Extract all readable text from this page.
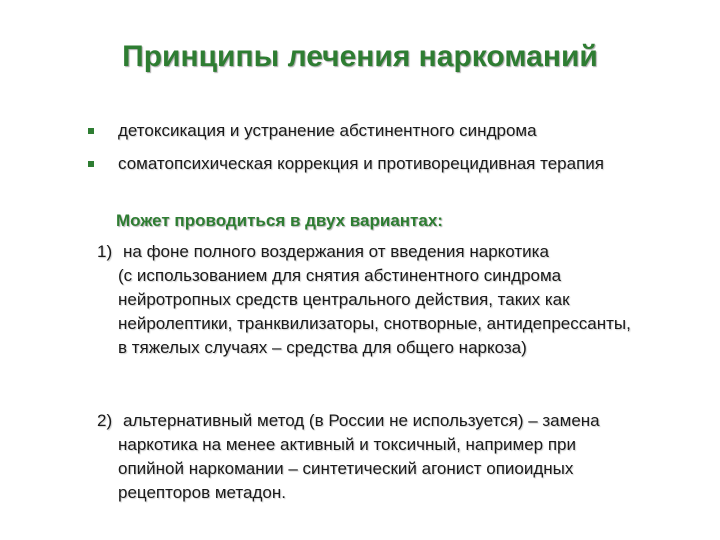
Принципы лечения наркоманий
детоксикация и устранение абстинентного синдрома
соматопсихическая коррекция и противорецидивная терапия
Может проводиться в двух вариантах:
1) на фоне полного воздержания от введения наркотика
(с использованием для снятия абстинентного синдрома
нейротропных средств центрального действия, таких как
нейролептики, транквилизаторы, снотворные, антидепрессанты,
в тяжелых случаях – средства для общего наркоза)
2) альтернативный метод (в России не используется) – замена
наркотика на менее активный и токсичный, например при
опийной наркомании – синтетический агонист опиоидных
рецепторов метадон.
